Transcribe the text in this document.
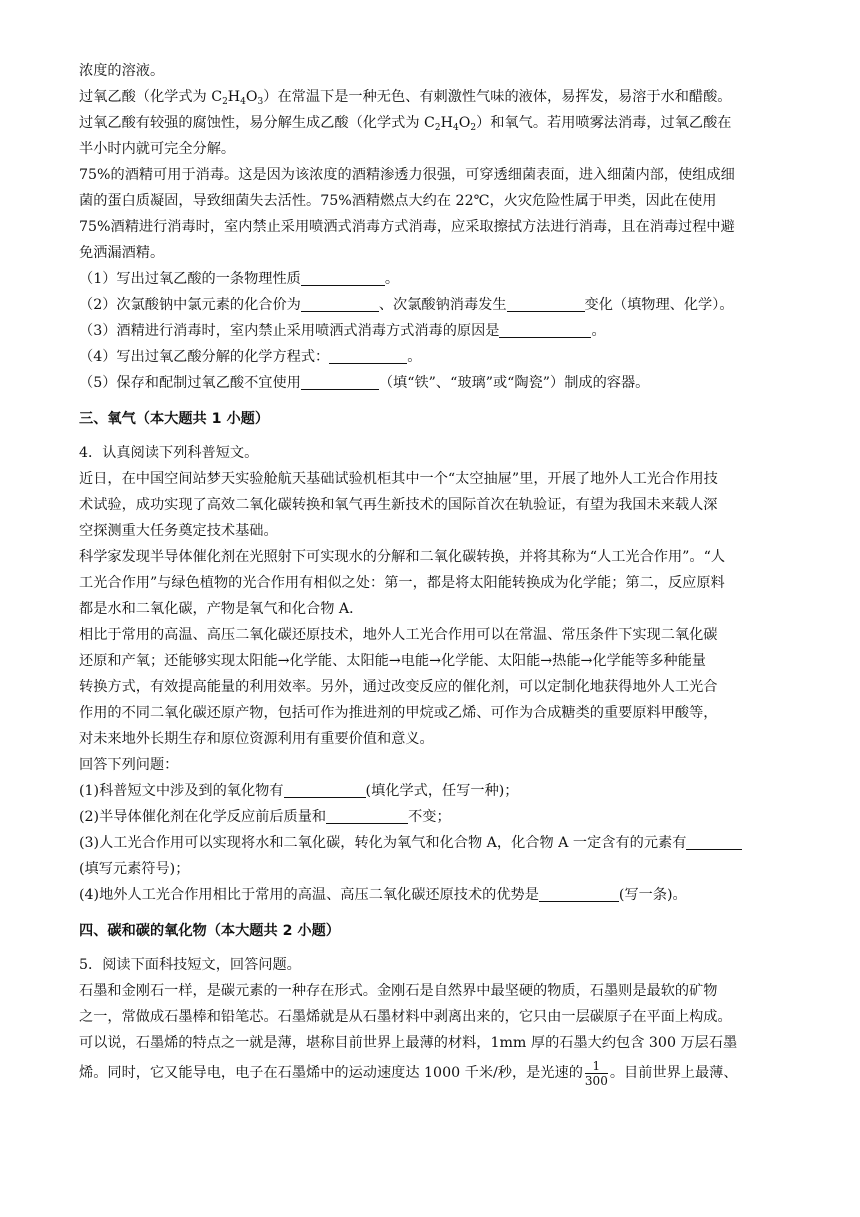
浓度的溶液。
过氧乙酸（化学式为 $C_2H_4O_3$）在常温下是一种无色、有刺激性气味的液体，易挥发，易溶于水和醋酸。
过氧乙酸有较强的腐蚀性，易分解生成乙酸（化学式为 $C_2H_4O_2$）和氧气。若用喷雾法消毒，过氧乙酸在
半小时内就可完全分解。
75%的酒精可用于消毒。这是因为该浓度的酒精渗透力很强，可穿透细菌表面，进入细菌内部，使组成细
菌的蛋白质凝固，导致细菌失去活性。75%酒精燃点大约在 22℃，火灾危险性属于甲类，因此在使用
75%酒精进行消毒时，室内禁止采用喷洒式消毒方式消毒，应采取擦拭方法进行消毒，且在消毒过程中避
免洒漏酒精。
（1）写出过氧乙酸的一条物理性质	。
（2）次氯酸钠中氯元素的化合价为	、次氯酸钠消毒发生	变化（填物理、化学）。
（3）酒精进行消毒时，室内禁止采用喷洒式消毒方式消毒的原因是	。
（4）写出过氧乙酸分解的化学方程式：	。
（5）保存和配制过氧乙酸不宜使用	（填“铁”、“玻璃”或“陶瓷”）制成的容器。
三、氧气（本大题共 1 小题）
4．认真阅读下列科普短文。
近日，在中国空间站梦天实验舱航天基础试验机柜其中一个“太空抽屉”里，开展了地外人工光合作用技
术试验，成功实现了高效二氧化碳转换和氧气再生新技术的国际首次在轨验证，有望为我国未来载人深
空探测重大任务奠定技术基础。
科学家发现半导体催化剂在光照射下可实现水的分解和二氧化碳转换，并将其称为“人工光合作用”。“人
工光合作用”与绿色植物的光合作用有相似之处：第一，都是将太阳能转换成为化学能；第二，反应原料
都是水和二氧化碳，产物是氧气和化合物 A．
相比于常用的高温、高压二氧化碳还原技术，地外人工光合作用可以在常温、常压条件下实现二氧化碳
还原和产氧；还能够实现太阳能→化学能、太阳能→电能→化学能、太阳能→热能→化学能等多种能量
转换方式，有效提高能量的利用效率。另外，通过改变反应的催化剂，可以定制化地获得地外人工光合
作用的不同二氧化碳还原产物，包括可作为推进剂的甲烷或乙烯、可作为合成糖类的重要原料甲酸等，
对未来地外长期生存和原位资源利用有重要价值和意义。
回答下列问题：
(1)科普短文中涉及到的氧化物有	(填化学式，任写一种)；
(2)半导体催化剂在化学反应前后质量和	不变；
(3)人工光合作用可以实现将水和二氧化碳，转化为氧气和化合物 A，化合物 A 一定含有的元素有
(填写元素符号)；
(4)地外人工光合作用相比于常用的高温、高压二氧化碳还原技术的优势是	(写一条)。
四、碳和碳的氧化物（本大题共 2 小题）
5．阅读下面科技短文，回答问题。
石墨和金刚石一样，是碳元素的一种存在形式。金刚石是自然界中最坚硬的物质，石墨则是最软的矿物
之一，常做成石墨棒和铅笔芯。石墨烯就是从石墨材料中剥离出来的，它只由一层碳原子在平面上构成。
可以说，石墨烯的特点之一就是薄，堪称目前世界上最薄的材料，1mm 厚的石墨大约包含 300 万层石墨
烯。同时，它又能导电，电子在石墨烯中的运动速度达 1000 千米/秒，是光速的 $\frac{1}{300}$ 。目前世界上最薄、
